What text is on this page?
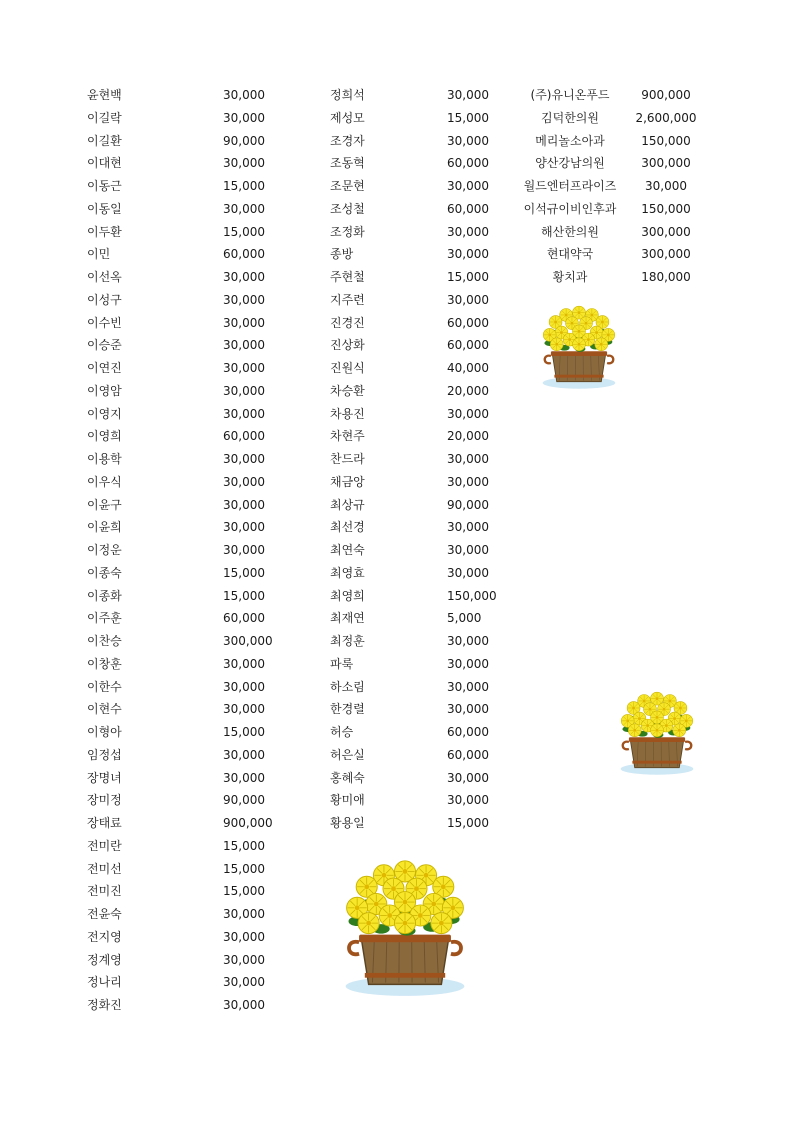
윤현백	30,000
이길락	30,000
이길환	90,000
이대현	30,000
이동근	15,000
이동일	30,000
이두환	15,000
이민	60,000
이선옥	30,000
이성구	30,000
이수빈	30,000
이승준	30,000
이연진	30,000
이영암	30,000
이영지	30,000
이영희	60,000
이용학	30,000
이우식	30,000
이윤구	30,000
이윤희	30,000
이정운	30,000
이종숙	15,000
이종화	15,000
이주훈	60,000
이찬승	300,000
이창훈	30,000
이한수	30,000
이현수	30,000
이형아	15,000
임정섭	30,000
장명녀	30,000
장미정	90,000
장태료	900,000
전미란	15,000
전미선	15,000
전미진	15,000
전윤숙	30,000
전지영	30,000
정계영	30,000
정나리	30,000
정화진	30,000
정희석	30,000
제성모	15,000
조경자	30,000
조동혁	60,000
조문현	30,000
조성철	60,000
조정화	30,000
종방	30,000
주현철	15,000
지주련	30,000
진경진	60,000
진상화	60,000
진원식	40,000
차승환	20,000
차용진	30,000
차현주	20,000
찬드라	30,000
채금앙	30,000
최상규	90,000
최선경	30,000
최연숙	30,000
최영효	30,000
최영희	150,000
최재연	5,000
최정훈	30,000
파룩	30,000
하소림	30,000
한경렬	30,000
허승	60,000
허은실	60,000
홍혜숙	30,000
황미애	30,000
황용일	15,000
(주)유니온푸드	900,000
김덕한의원	2,600,000
메리놀소아과	150,000
양산강남의원	300,000
월드엔터프라이즈	30,000
이석규이비인후과	150,000
해산한의원	300,000
현대약국	300,000
황치과	180,000
